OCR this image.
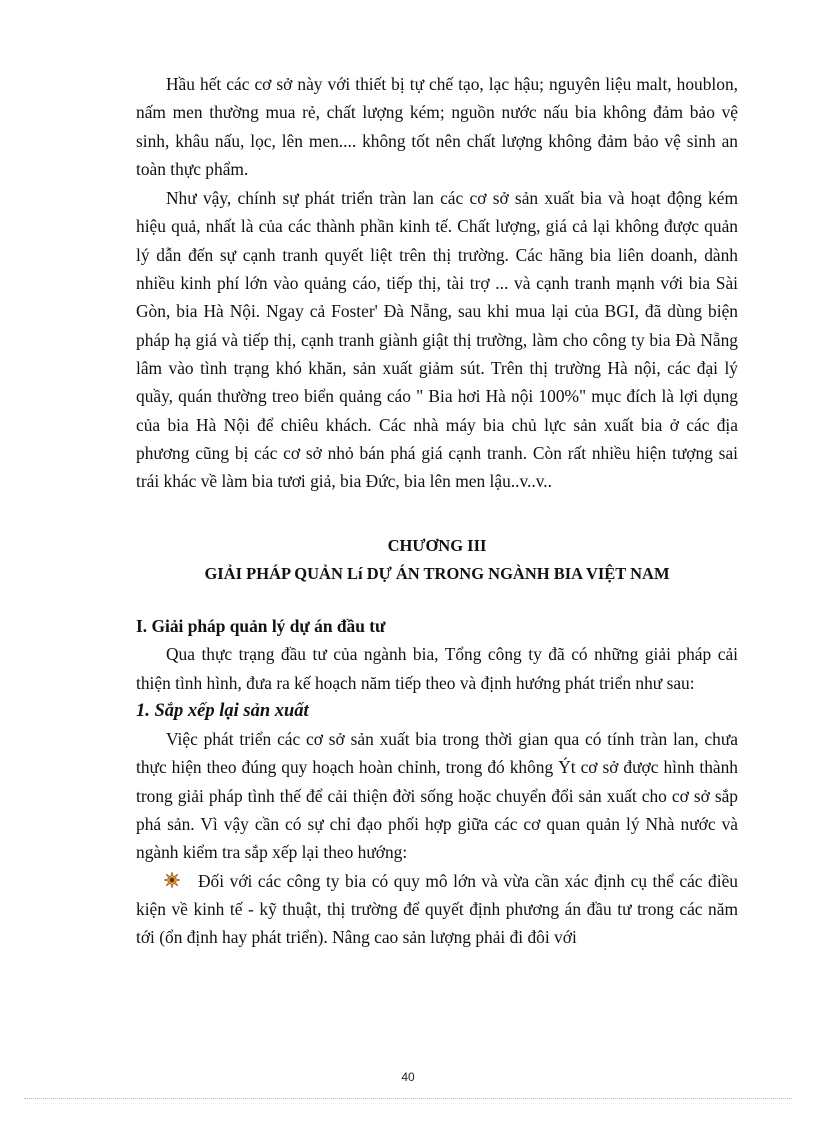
Hầu hết các cơ sở này với thiết bị tự chế tạo, lạc hậu; nguyên liệu malt, houblon, nấm men thường mua rẻ, chất lượng kém; nguồn nước nấu bia không đảm bảo vệ sinh, khâu nấu, lọc, lên men.... không tốt nên chất lượng không đảm bảo vệ sinh an toàn thực phẩm.

Như vậy, chính sự phát triển tràn lan các cơ sở sản xuất bia và hoạt động kém hiệu quả, nhất là của các thành phần kinh tế. Chất lượng, giá cả lại không được quản lý dẫn đến sự cạnh tranh quyết liệt trên thị trường. Các hãng bia liên doanh, dành nhiều kinh phí lớn vào quảng cáo, tiếp thị, tài trợ ... và cạnh tranh mạnh với bia Sài Gòn, bia Hà Nội. Ngay cả Foster' Đà Nẵng, sau khi mua lại của BGI, đã dùng biện pháp hạ giá và tiếp thị, cạnh tranh giành giật thị trường, làm cho công ty bia Đà Nẵng lâm vào tình trạng khó khăn, sản xuất giảm sút. Trên thị trường Hà nội, các đại lý quầy, quán thường treo biển quảng cáo " Bia hơi Hà nội 100%" mục đích là lợi dụng của bia Hà Nội để chiêu khách. Các nhà máy bia chủ lực sản xuất bia ở các địa phương cũng bị các cơ sở nhỏ bán phá giá cạnh tranh. Còn rất nhiều hiện tượng sai trái khác về làm bia tươi giả, bia Đức, bia lên men lậu..v..v..

CHƯƠNG III

GIẢI PHÁP QUẢN Lí DỰ ÁN TRONG NGÀNH BIA VIỆT NAM

I. Giải pháp quản lý dự án đầu tư

Qua thực trạng đầu tư của ngành bia, Tổng công ty đã có những giải pháp cải thiện tình hình, đưa ra kế hoạch năm tiếp theo và định hướng phát triển như sau:

1. Sắp xếp lại sản xuất

Việc phát triển các cơ sở sản xuất bia trong thời gian qua có tính tràn lan, chưa thực hiện theo đúng quy hoạch hoàn chỉnh, trong đó không Ýt cơ sở được hình thành trong giải pháp tình thế để cải thiện đời sống hoặc chuyển đổi sản xuất cho cơ sở sắp phá sản. Vì vậy cần có sự chỉ đạo phối hợp giữa các cơ quan quản lý Nhà nước và ngành kiểm tra sắp xếp lại theo hướng:

Đối với các công ty bia có quy mô lớn và vừa cần xác định cụ thể các điều kiện về kinh tế - kỹ thuật, thị trường để quyết định phương án đầu tư trong các năm tới (ổn định hay phát triển). Nâng cao sản lượng phải đi đôi với

40
